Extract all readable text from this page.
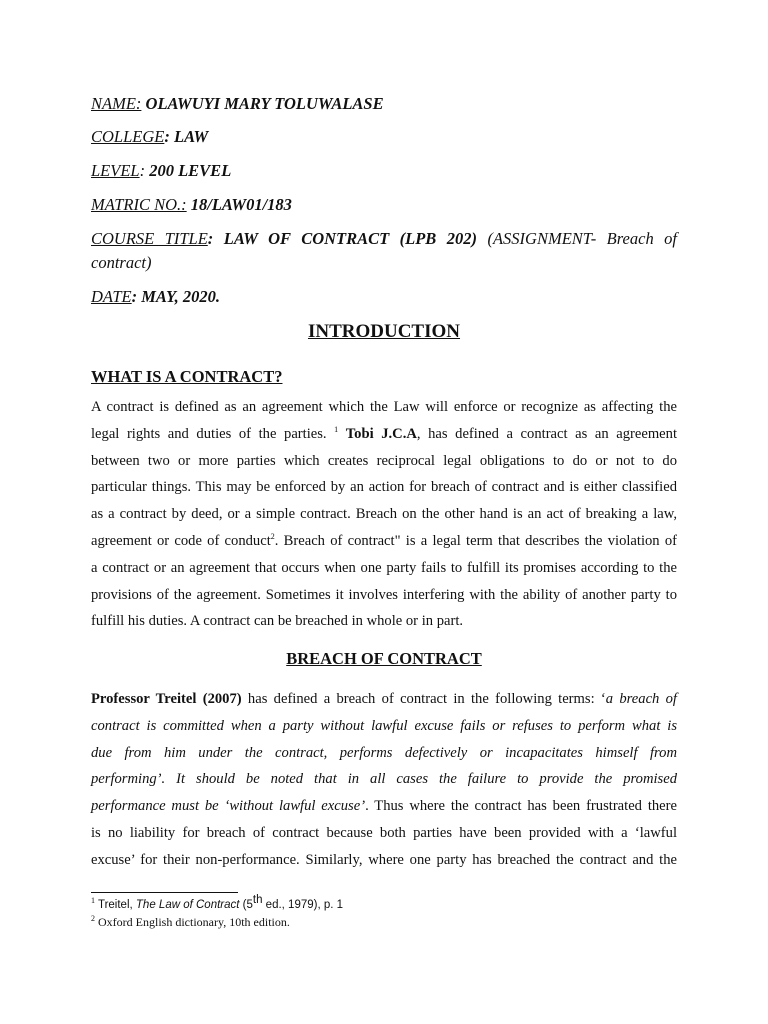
NAME: OLAWUYI MARY TOLUWALASE
COLLEGE: LAW
LEVEL: 200 LEVEL
MATRIC NO.: 18/LAW01/183
COURSE TITLE: LAW OF CONTRACT (LPB 202) (ASSIGNMENT- Breach of contract)
DATE: MAY, 2020.
INTRODUCTION
WHAT IS A CONTRACT?
A contract is defined as an agreement which the Law will enforce or recognize as affecting the
legal rights and duties of the parties. $^1$ Tobi J.C.A, has defined a contract as an agreement
between two or more parties which creates reciprocal legal obligations to do or not to do
particular things. This may be enforced by an action for breach of contract and is either classified
as a contract by deed, or a simple contract. Breach on the other hand is an act of breaking a law,
agreement or code of conduct$^2$. Breach of contract" is a legal term that describes the violation of
a contract or an agreement that occurs when one party fails to fulfill its promises according to the
provisions of the agreement. Sometimes it involves interfering with the ability of another party to
fulfill his duties. A contract can be breached in whole or in part.
BREACH OF CONTRACT
Professor Treitel (2007) has defined a breach of contract in the following terms: ‘a breach of
contract is committed when a party without lawful excuse fails or refuses to perform what is
due from him under the contract, performs defectively or incapacitates himself from
performing’. It should be noted that in all cases the failure to provide the promised
performance must be ‘without lawful excuse’. Thus where the contract has been frustrated there
is no liability for breach of contract because both parties have been provided with a ‘lawful
excuse’ for their non-performance. Similarly, where one party has breached the contract and the
$^1$ Treitel, The Law of Contract (5th ed., 1979), p. 1
$^2$ Oxford English dictionary, 10th edition.
